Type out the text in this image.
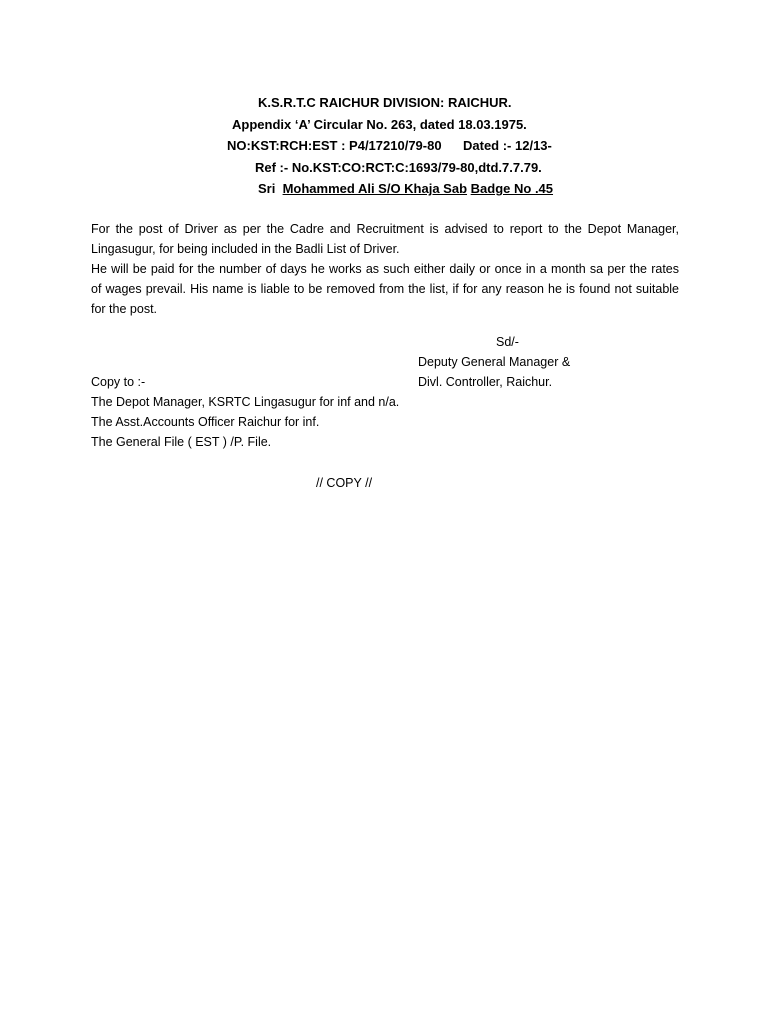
K.S.R.T.C RAICHUR DIVISION: RAICHUR.
Appendix ‘A’ Circular No. 263, dated 18.03.1975.
NO:KST:RCH:EST : P4/17210/79-80 Dated :- 12/13-
Ref :- No.KST:CO:RCT:C:1693/79-80,dtd.7.7.79.
Sri Mohammed Ali S/O Khaja Sab Badge No .45
For the post of Driver as per the Cadre and Recruitment is advised to report to the Depot Manager,
Lingasugur, for being included in the Badli List of Driver.
He will be paid for the number of days he works as such either daily or once in a month sa per the rates
of wages prevail. His name is liable to be removed from the list, if for any reason he is found not suitable
for the post.
Sd/-
Deputy General Manager &
Divl. Controller, Raichur.
Copy to :-
The Depot Manager, KSRTC Lingasugur for inf and n/a.
The Asst.Accounts Officer Raichur for inf.
The General File ( EST ) /P. File.
// COPY //
